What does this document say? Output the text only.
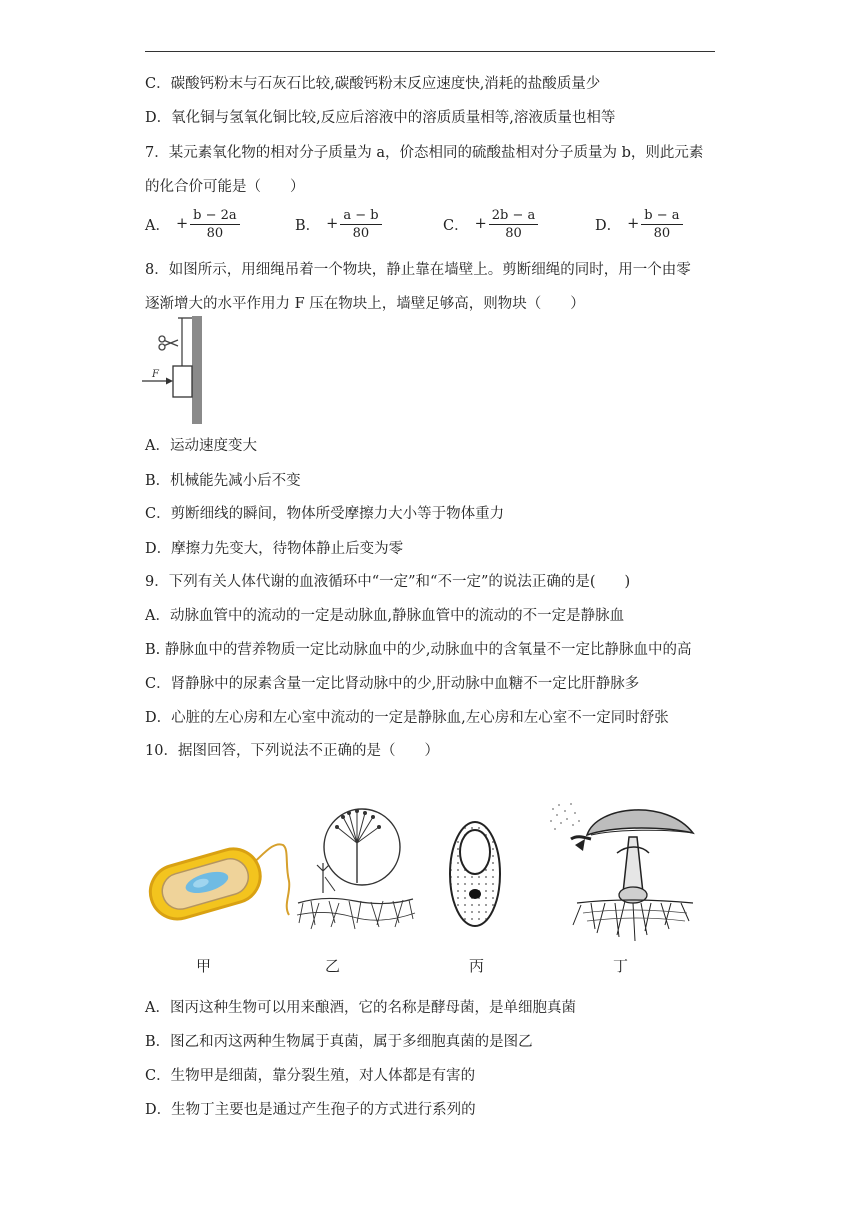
C．碳酸钙粉末与石灰石比较,碳酸钙粉末反应速度快,消耗的盐酸质量少
D．氧化铜与氢氧化铜比较,反应后溶液中的溶质质量相等,溶液质量也相等
7．某元素氧化物的相对分子质量为 a，价态相同的硫酸盐相对分子质量为 b，则此元素
的化合价可能是（　　）
A． + $\frac{b - 2a}{80}$	B． + $\frac{a - b}{80}$	C． + $\frac{2b - a}{80}$	D． + $\frac{b - a}{80}$
8．如图所示，用细绳吊着一个物块，静止靠在墙壁上。剪断细绳的同时，用一个由零
逐渐增大的水平作用力 F 压在物块上，墙壁足够高，则物块（　　）
F
A．运动速度变大
B．机械能先减小后不变
C．剪断细线的瞬间，物体所受摩擦力大小等于物体重力
D．摩擦力先变大，待物体静止后变为零
9．下列有关人体代谢的血液循环中“一定”和“不一定”的说法正确的是(　　)
A．动脉血管中的流动的一定是动脉血,静脉血管中的流动的不一定是静脉血
B. 静脉血中的营养物质一定比动脉血中的少,动脉血中的含氧量不一定比静脉血中的高
C．肾静脉中的尿素含量一定比肾动脉中的少,肝动脉中血糖不一定比肝静脉多
D．心脏的左心房和左心室中流动的一定是静脉血,左心房和左心室不一定同时舒张
10．据图回答，下列说法不正确的是（　　）
甲	乙	丙	丁
A．图丙这种生物可以用来酿酒，它的名称是酵母菌，是单细胞真菌
B．图乙和丙这两种生物属于真菌，属于多细胞真菌的是图乙
C．生物甲是细菌，靠分裂生殖，对人体都是有害的
D．生物丁主要也是通过产生孢子的方式进行系列的
